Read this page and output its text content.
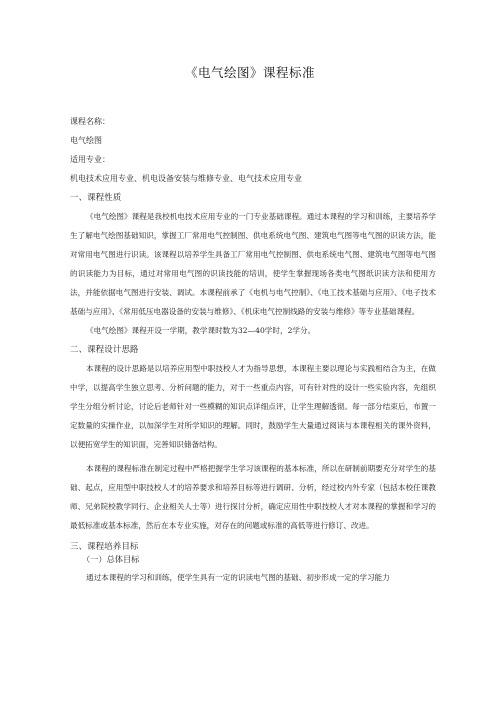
《电气绘图》课程标准

课程名称：

电气绘图

适用专业：

机电技术应用专业、机电设备安装与维修专业、电气技术应用专业

一、课程性质

《电气绘图》课程是我校机电技术应用专业的一门专业基础课程。通过本课程的学习和训练，主要培养学生了解电气绘图基础知识，掌握工厂常用电气控制图、供电系统电气图、建筑电气图等电气图的识读方法，能对常用电气图进行识读。该课程以培养学生具备工厂常用电气控制图、供电系统电气图、建筑电气图等电气图的识读能力为目标，通过对常用电气图的识读技能的培训，使学生掌握现场各类电气图纸识读方法和使用方法，并能依据电气图进行安装、调试。本课程前承了《电机与电气控制》、《电工技术基础与应用》、《电子技术基础与应用》、《常用低压电器设备的安装与维修》、《机床电气控制线路的安装与维修》等专业基础课程。

《电气绘图》课程开设一学期，教学课时数为32—40学时，2学分。

二、课程设计思路

本课程的设计思路是以培养应用型中职技校人才为指导思想，本课程主要以理论与实践相结合为主，在做中学，以提高学生独立思考、分析问题的能力，对于一些重点内容，可有针对性的设计一些实验内容，先组织学生分组分析讨论，讨论后老师针对一些模糊的知识点详细点评，让学生理解透彻。每一部分结束后，布置一定数量的实操作业，以加深学生对所学知识的理解。同时，鼓励学生大量通过阅读与本课程相关的课外资料，以便拓宽学生的知识面，完善知识储备结构。

本课程的课程标准在制定过程中严格把握学生学习该课程的基本标准，所以在研制前期要充分对学生的基础、起点，应用型中职技校人才的培养要求和培养目标等进行调研、分析，经过校内外专家（包括本校任课教师、兄弟院校教学同行、企业相关人士等）进行探讨分析，确定应用性中职技校人才对本课程的掌握和学习的最低标准或基本标准，然后在本专业实施，对存在的问题或标准的高低等进行修订、改进。

三、课程培养目标

（一）总体目标

通过本课程的学习和训练，使学生具有一定的识读电气图的基础、初步形成一定的学习能力
